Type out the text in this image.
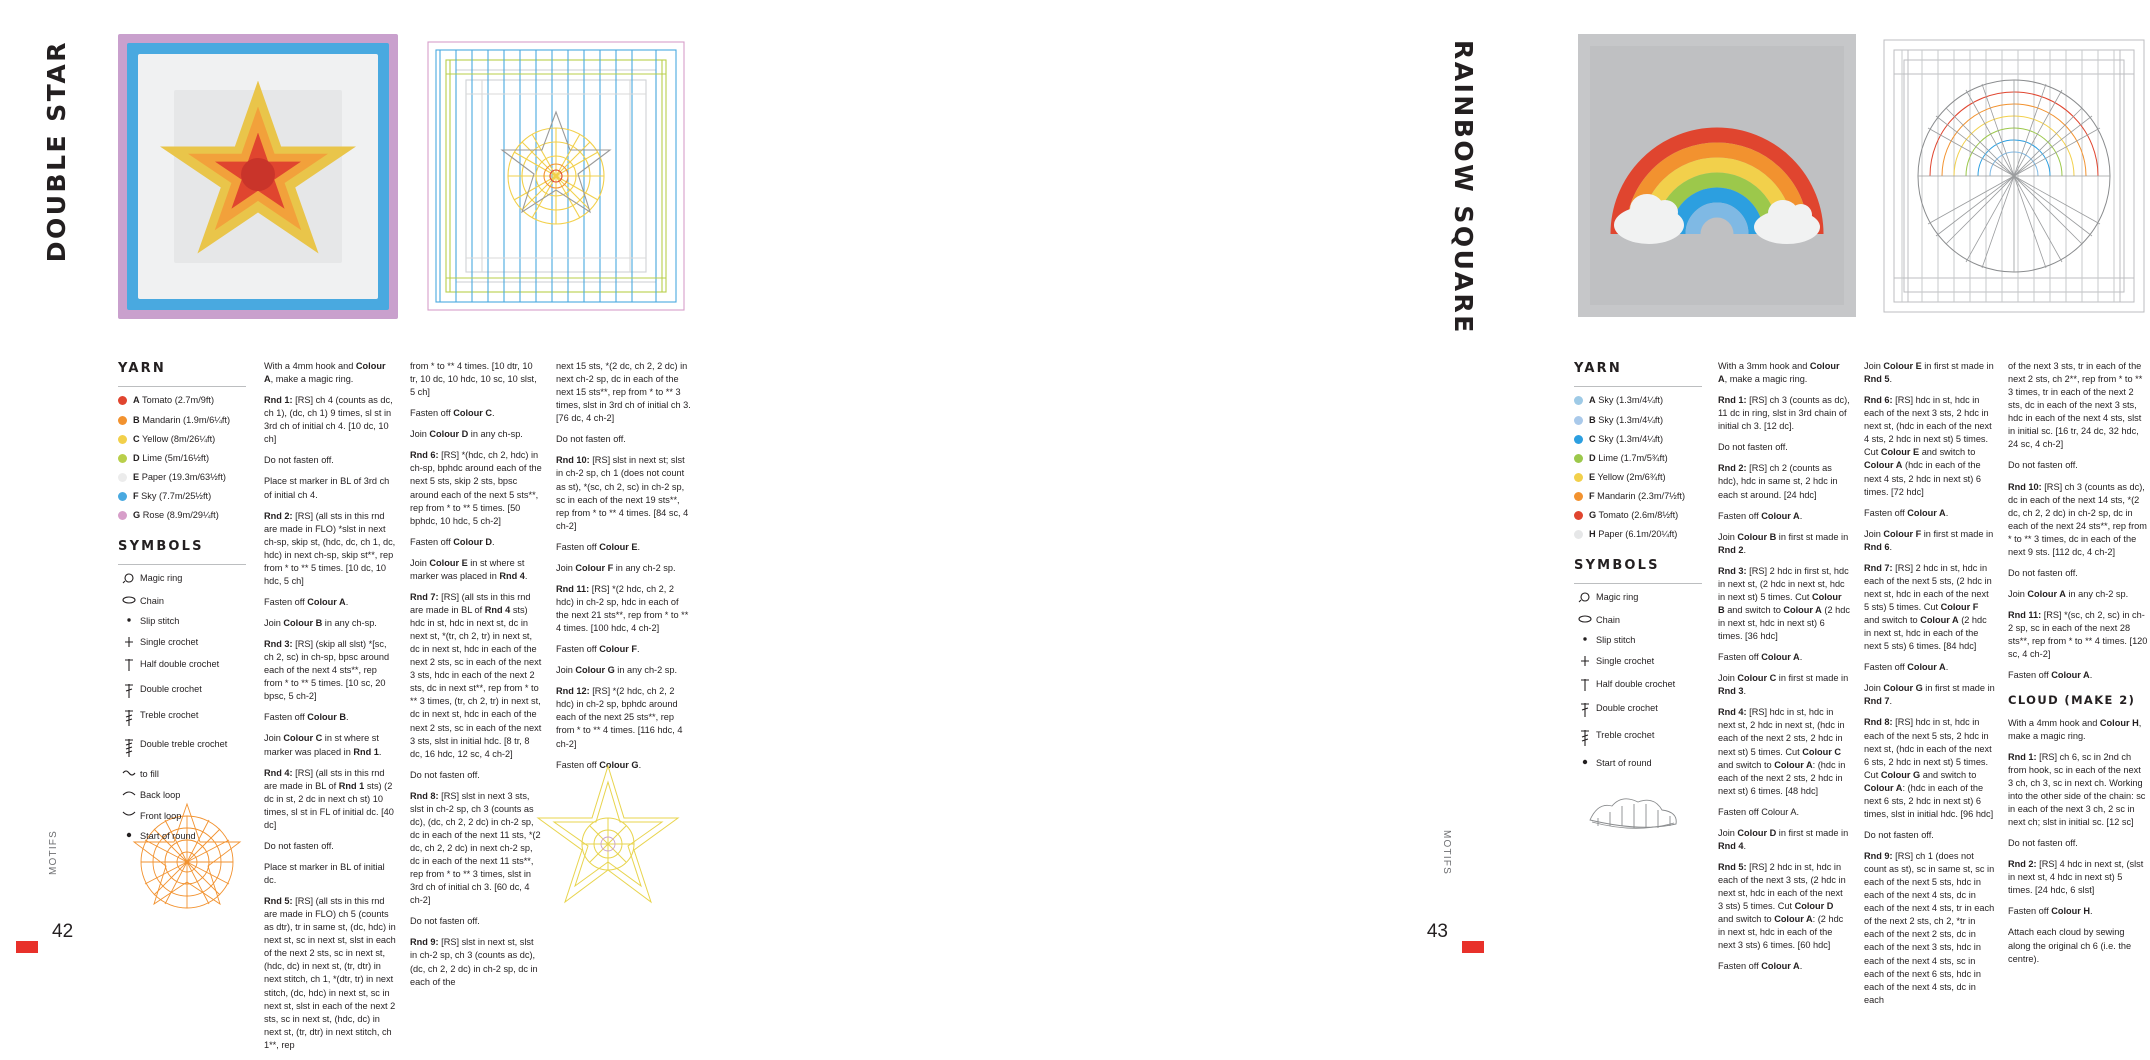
DOUBLE STAR
YARN
A Tomato (2.7m/9ft)
B Mandarin (1.9m/6¼ft)
C Yellow (8m/26¼ft)
D Lime (5m/16½ft)
E Paper (19.3m/63½ft)
F Sky (7.7m/25½ft)
G Rose (8.9m/29¼ft)
SYMBOLS
Magic ring
Chain
Slip stitch
Single crochet
Half double crochet
Double crochet
Treble crochet
Double treble crochet
to fill
Back loop
Front loop
Start of round

With a 4mm hook and Colour A, make a magic ring.

Rnd 1: [RS] ch 4 (counts as dc, ch 1), (dc, ch 1) 9 times, sl st in 3rd ch of initial ch 4. [10 dc, 10 ch]

Do not fasten off.

Place st marker in BL of 3rd ch of initial ch 4.

Rnd 2: [RS] (all sts in this rnd are made in FLO) *slst in next ch-sp, skip st, (hdc, dc, ch 1, dc, hdc) in next ch-sp, skip st**, rep from * to ** 5 times. [10 dc, 10 hdc, 5 ch]

Fasten off Colour A.

Join Colour B in any ch-sp.

Rnd 3: [RS] (skip all slst) *[sc, ch 2, sc) in ch-sp, bpsc around each of the next 4 sts**, rep from * to ** 5 times. [10 sc, 20 bpsc, 5 ch-2]

Fasten off Colour B.

Join Colour C in st where st marker was placed in Rnd 1.

Rnd 4: [RS] (all sts in this rnd are made in BL of Rnd 1 sts) (2 dc in st, 2 dc in next ch st) 10 times, sl st in FL of initial dc. [40 dc]

Do not fasten off.

Place st marker in BL of initial dc.

Rnd 5: [RS] (all sts in this rnd are made in FLO) ch 5 (counts as dtr), tr in same st, (dc, hdc) in next st, sc in next st, slst in each of the next 2 sts, sc in next st, (hdc, dc) in next st, (tr, dtr) in next stitch, ch 1, *(dtr, tr) in next stitch, (dc, hdc) in next st, sc in next st, slst in each of the next 2 sts, sc in next st, (hdc, dc) in next st, (tr, dtr) in next stitch, ch 1**, rep

from * to ** 4 times. [10 dtr, 10 tr, 10 dc, 10 hdc, 10 sc, 10 slst, 5 ch]

Fasten off Colour C.

Join Colour D in any ch-sp.

Rnd 6: [RS] *(hdc, ch 2, hdc) in ch-sp, bphdc around each of the next 5 sts, skip 2 sts, bpsc around each of the next 5 sts**, rep from * to ** 5 times. [50 bphdc, 10 hdc, 5 ch-2]

Fasten off Colour D.

Join Colour E in st where st marker was placed in Rnd 4.

Rnd 7: [RS] (all sts in this rnd are made in BL of Rnd 4 sts) hdc in st, hdc in next st, dc in next st, *(tr, ch 2, tr) in next st, dc in next st, hdc in each of the next 2 sts, sc in each of the next 3 sts, hdc in each of the next 2 sts, dc in next st**, rep from * to ** 3 times, (tr, ch 2, tr) in next st, dc in next st, hdc in each of the next 2 sts, sc in each of the next 3 sts, slst in initial hdc. [8 tr, 8 dc, 16 hdc, 12 sc, 4 ch-2]

Do not fasten off.

Rnd 8: [RS] slst in next 3 sts, slst in ch-2 sp, ch 3 (counts as dc), (dc, ch 2, 2 dc) in ch-2 sp, dc in each of the next 11 sts, *(2 dc, ch 2, 2 dc) in next ch-2 sp, dc in each of the next 11 sts**, rep from * to ** 3 times, slst in 3rd ch of initial ch 3. [60 dc, 4 ch-2]

Do not fasten off.

Rnd 9: [RS] slst in next st, slst in ch-2 sp, ch 3 (counts as dc), (dc, ch 2, 2 dc) in ch-2 sp, dc in each of the

next 15 sts, *(2 dc, ch 2, 2 dc) in next ch-2 sp, dc in each of the next 15 sts**, rep from * to ** 3 times, slst in 3rd ch of initial ch 3. [76 dc, 4 ch-2]

Do not fasten off.

Rnd 10: [RS] slst in next st; slst in ch-2 sp, ch 1 (does not count as st), *(sc, ch 2, sc) in ch-2 sp, sc in each of the next 19 sts**, rep from * to ** 4 times. [84 sc, 4 ch-2]

Fasten off Colour E.

Join Colour F in any ch-2 sp.

Rnd 11: [RS] *(2 hdc, ch 2, 2 hdc) in ch-2 sp, hdc in each of the next 21 sts**, rep from * to ** 4 times. [100 hdc, 4 ch-2]

Fasten off Colour F.

Join Colour G in any ch-2 sp.

Rnd 12: [RS] *(2 hdc, ch 2, 2 hdc) in ch-2 sp, bphdc around each of the next 25 sts**, rep from * to ** 4 times. [116 hdc, 4 ch-2]

Fasten off Colour G.

MOTIFS
42
RAINBOW SQUARE
YARN
A Sky (1.3m/4¼ft)
B Sky (1.3m/4¼ft)
C Sky (1.3m/4¼ft)
D Lime (1.7m/5¾ft)
E Yellow (2m/6¾ft)
F Mandarin (2.3m/7½ft)
G Tomato (2.6m/8½ft)
H Paper (6.1m/20¼ft)
SYMBOLS
Magic ring
Chain
Slip stitch
Single crochet
Half double crochet
Double crochet
Treble crochet
Start of round

With a 3mm hook and Colour A, make a magic ring.

Rnd 1: [RS] ch 3 (counts as dc), 11 dc in ring, slst in 3rd chain of initial ch 3. [12 dc].

Do not fasten off.

Rnd 2: [RS] ch 2 (counts as hdc), hdc in same st, 2 hdc in each st around. [24 hdc]

Fasten off Colour A.

Join Colour B in first st made in Rnd 2.

Rnd 3: [RS] 2 hdc in first st, hdc in next st, (2 hdc in next st, hdc in next st) 5 times. Cut Colour B and switch to Colour A (2 hdc in next st, hdc in next st) 6 times. [36 hdc]

Fasten off Colour A.

Join Colour C in first st made in Rnd 3.

Rnd 4: [RS] hdc in st, hdc in next st, 2 hdc in next st, (hdc in each of the next 2 sts, 2 hdc in next st) 5 times. Cut Colour C and switch to Colour A: (hdc in each of the next 2 sts, 2 hdc in next st) 6 times. [48 hdc]

Fasten off Colour A.

Join Colour D in first st made in Rnd 4.

Rnd 5: [RS] 2 hdc in st, hdc in each of the next 3 sts, (2 hdc in next st, hdc in each of the next 3 sts) 5 times. Cut Colour D and switch to Colour A: (2 hdc in next st, hdc in each of the next 3 sts) 6 times. [60 hdc]

Fasten off Colour A.

Join Colour E in first st made in Rnd 5.

Rnd 6: [RS] hdc in st, hdc in each of the next 3 sts, 2 hdc in next st, (hdc in each of the next 4 sts, 2 hdc in next st) 5 times. Cut Colour E and switch to Colour A (hdc in each of the next 4 sts, 2 hdc in next st) 6 times. [72 hdc]

Fasten off Colour A.

Join Colour F in first st made in Rnd 6.

Rnd 7: [RS] 2 hdc in st, hdc in each of the next 5 sts, (2 hdc in next st, hdc in each of the next 5 sts) 5 times. Cut Colour F and switch to Colour A (2 hdc in next st, hdc in each of the next 5 sts) 6 times. [84 hdc]

Fasten off Colour A.

Join Colour G in first st made in Rnd 7.

Rnd 8: [RS] hdc in st, hdc in each of the next 5 sts, 2 hdc in next st, (hdc in each of the next 6 sts, 2 hdc in next st) 5 times. Cut Colour G and switch to Colour A: (hdc in each of the next 6 sts, 2 hdc in next st) 6 times, slst in initial hdc. [96 hdc]

Do not fasten off.

Rnd 9: [RS] ch 1 (does not count as st), sc in same st, sc in each of the next 5 sts, hdc in each of the next 4 sts, dc in each of the next 4 sts, tr in each of the next 2 sts, ch 2, *tr in each of the next 2 sts, dc in each of the next 3 sts, hdc in each of the next 4 sts, sc in each of the next 6 sts, hdc in each of the next 4 sts, dc in each

of the next 3 sts, tr in each of the next 2 sts, ch 2**, rep from * to ** 3 times, tr in each of the next 2 sts, dc in each of the next 3 sts, hdc in each of the next 4 sts, slst in initial sc. [16 tr, 24 dc, 32 hdc, 24 sc, 4 ch-2]

Do not fasten off.

Rnd 10: [RS] ch 3 (counts as dc), dc in each of the next 14 sts, *(2 dc, ch 2, 2 dc) in ch-2 sp, dc in each of the next 24 sts**, rep from * to ** 3 times, dc in each of the next 9 sts. [112 dc, 4 ch-2]

Do not fasten off.

Join Colour A in any ch-2 sp.

Rnd 11: [RS] *(sc, ch 2, sc) in ch-2 sp, sc in each of the next 28 sts**, rep from * to ** 4 times. [120 sc, 4 ch-2]

Fasten off Colour A.

CLOUD (MAKE 2)

With a 4mm hook and Colour H, make a magic ring.

Rnd 1: [RS] ch 6, sc in 2nd ch from hook, sc in each of the next 3 ch, ch 3, sc in next ch. Working into the other side of the chain: sc in each of the next 3 ch, 2 sc in next ch; slst in initial sc. [12 sc]

Do not fasten off.

Rnd 2: [RS] 4 hdc in next st, (slst in next st, 4 hdc in next st) 5 times. [24 hdc, 6 slst]

Fasten off Colour H.

Attach each cloud by sewing along the original ch 6 (i.e. the centre).

MOTIFS
43
